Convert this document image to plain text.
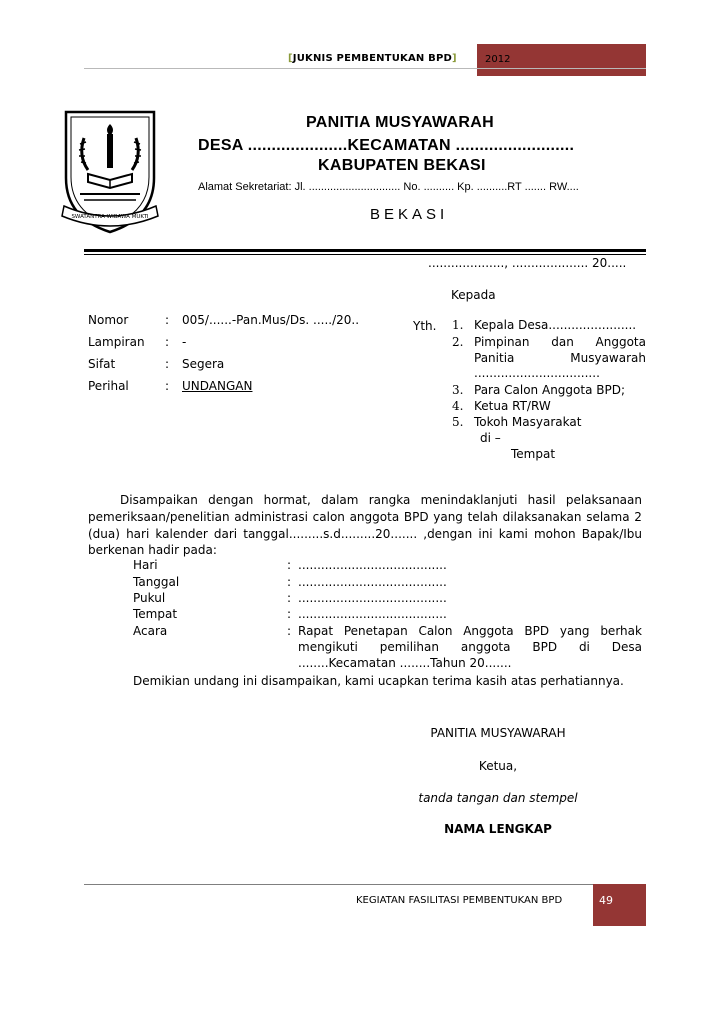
2012
[JUKNIS PEMBENTUKAN BPD]
SWATANTRA WIBAWA MUKTI
PANITIA MUSYAWARAH
DESA .....................KECAMATAN .........................
KABUPATEN BEKASI
Alamat Sekretariat: Jl. .............................. No. .......... Kp. ..........RT ....... RW....
BEKASI
...................., .................... 20.....
Kepada
Nomor	: 005/......-Pan.Mus/Ds. ...../20..
Lampiran : -
Sifat	: Segera
Perihal	: UNDANGAN
Yth. 1. Kepala Desa.......................
2. Pimpinan dan Anggota
Panitia	Musyawarah
.................................
3. Para Calon Anggota BPD;
4. Ketua RT/RW
5. Tokoh Masyarakat
di –
Tempat
Disampaikan dengan hormat, dalam rangka menindaklanjuti hasil pelaksanaan
pemeriksaan/penelitian administrasi calon anggota BPD yang telah dilaksanakan selama 2
(dua) hari kalender dari tanggal.........s.d.........20....... ,dengan ini kami mohon Bapak/Ibu
berkenan hadir pada:
Hari	: .......................................
Tanggal	: .......................................
Pukul	: .......................................
Tempat	: .......................................
Acara	: Rapat Penetapan Calon Anggota BPD yang berhak
mengikuti pemilihan anggota BPD di Desa
........Kecamatan ........Tahun 20.......
Demikian undang ini disampaikan, kami ucapkan terima kasih atas perhatiannya.
PANITIA MUSYAWARAH
Ketua,
tanda tangan dan stempel
NAMA LENGKAP
KEGIATAN FASILITASI PEMBENTUKAN BPD	49
